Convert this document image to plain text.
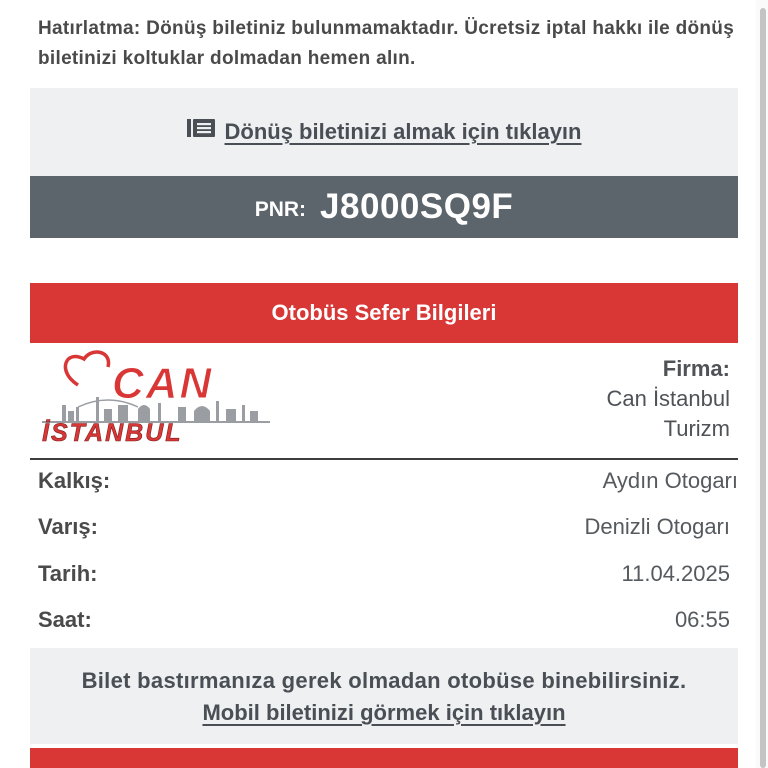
Hatırlatma: Dönüş biletiniz bulunmamaktadır. Ücretsiz iptal hakkı ile dönüş biletinizi koltuklar dolmadan hemen alın.
Dönüş biletinizi almak için tıklayın
PNR: J8000SQ9F
Otobüs Sefer Bilgileri
CAN
İSTANBUL
Firma:
Can İstanbul Turizm
Kalkış:	Aydın Otogarı
Varış:	Denizli Otogarı
Tarih:	11.04.2025
Saat:	06:55
Bilet bastırmanıza gerek olmadan otobüse binebilirsiniz.
Mobil biletinizi görmek için tıklayın
